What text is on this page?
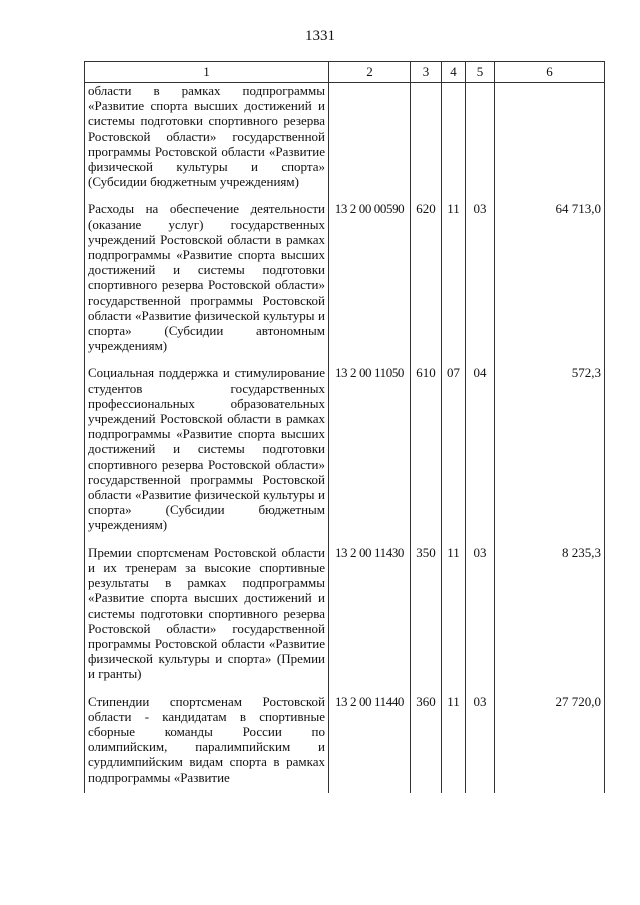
1331
1	2	3	4	5	6
области в рамках подпрограммы «Развитие спорта высших достижений и системы подготовки спортивного резерва Ростовской области» государственной программы Ростовской области «Развитие физической культуры и спорта» (Субсидии бюджетным учреждениям)					
Расходы на обеспечение деятельности (оказание услуг) государственных учреждений Ростовской области в рамках подпрограммы «Развитие спорта высших достижений и системы подготовки спортивного резерва Ростовской области» государственной программы Ростовской области «Развитие физической культуры и спорта» (Субсидии автономным учреждениям)	13 2 00 00590	620	11	03	64 713,0
Социальная поддержка и стимулирование студентов государственных профессиональных образовательных учреждений Ростовской области в рамках подпрограммы «Развитие спорта высших достижений и системы подготовки спортивного резерва Ростовской области» государственной программы Ростовской области «Развитие физической культуры и спорта» (Субсидии бюджетным учреждениям)	13 2 00 11050	610	07	04	572,3
Премии спортсменам Ростовской области и их тренерам за высокие спортивные результаты в рамках подпрограммы «Развитие спорта высших достижений и системы подготовки спортивного резерва Ростовской области» государственной программы Ростовской области «Развитие физической культуры и спорта» (Премии и гранты)	13 2 00 11430	350	11	03	8 235,3
Стипендии спортсменам Ростовской области - кандидатам в спортивные сборные команды России по олимпийским, паралимпийским и сурдлимпийским видам спорта в рамках подпрограммы «Развитие	13 2 00 11440	360	11	03	27 720,0
